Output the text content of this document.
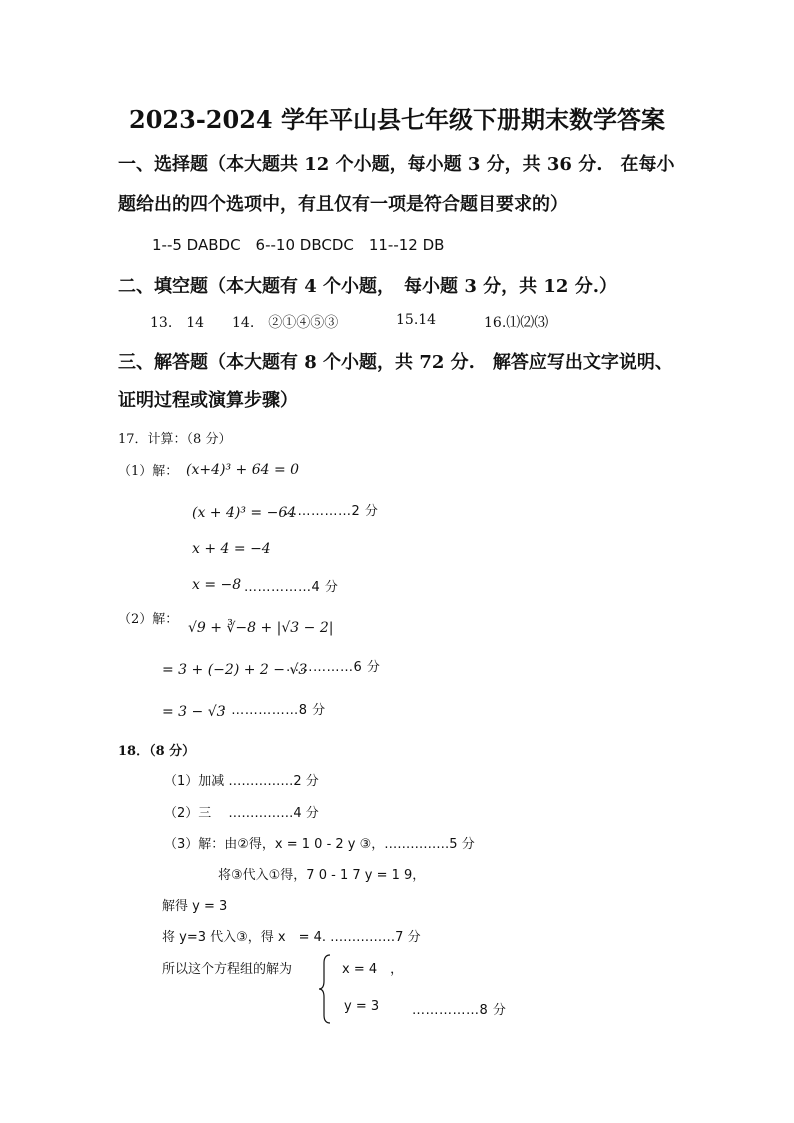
2023-2024 学年平山县七年级下册期末数学答案
一、选择题（本大题共 12 个小题，每小题 3 分，共 36 分.　在每小
题给出的四个选项中，有且仅有一项是符合题目要求的）
1--5 DABDC　6--10 DBCDC　11--12 DB
二、填空题（本大题有 4 个小题，　每小题 3 分，共 12 分.）
13.　14 14.　②①④⑤③	15.14	16.⑴⑵⑶
三、解答题（本大题有 8 个小题，共 72 分.　解答应写出文字说明、
证明过程或演算步骤）
17．计算：（8 分）
（1）解： (x+4)³ + 64 = 0
(x + 4)³ = −64
……………2 分
x + 4 = −4
x = −8 ……………4 分
（2）解：
√9 + ∛−8 + |√3 − 2|
= 3 + (−2) + 2 − √3
……………6 分
= 3 − √3
· ……………8 分
18．（8 分）
（1）加减 ……………2 分
（2）三　 ……………4 分
（3）解：由②得，x = 1 0 - 2 y ③，……………5 分
将③代入①得，7 0 - 1 7 y = 1 9，
解得 y = 3
将 y=3 代入③，得 x　= 4. ……………7 分
所以这个方程组的解为	x = 4　，
y = 3	……………8 分
